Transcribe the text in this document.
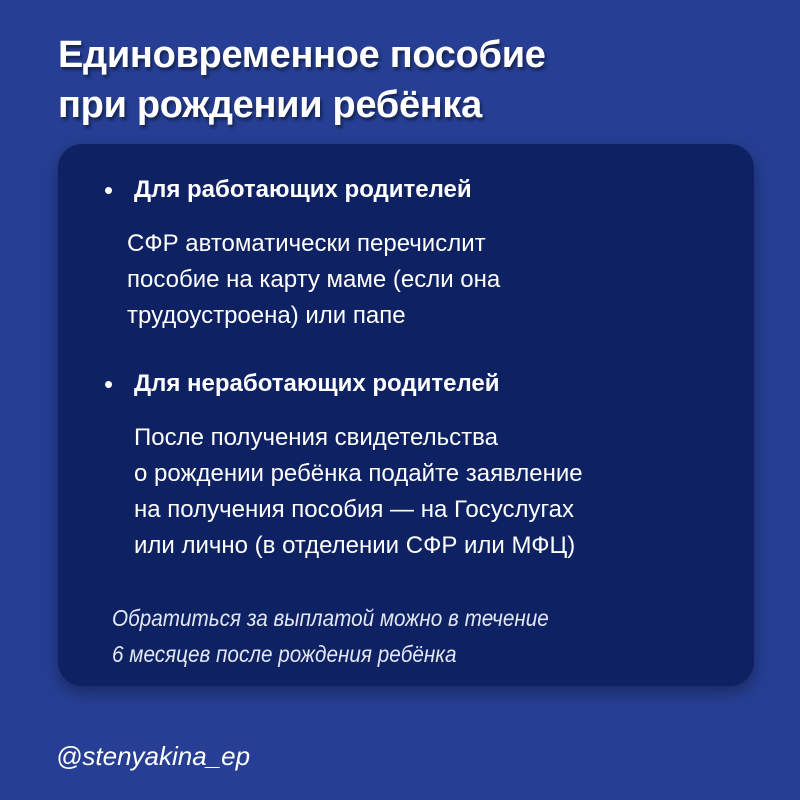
Единовременное пособие
при рождении ребёнка
• Для работающих родителей
СФР автоматически перечислит
пособие на карту маме (если она
трудоустроена) или папе
• Для неработающих родителей
После получения свидетельства
о рождении ребёнка подайте заявление
на получения пособия — на Госуслугах
или лично (в отделении СФР или МФЦ)
Обратиться за выплатой можно в течение
6 месяцев после рождения ребёнка
@stenyakina_ep
